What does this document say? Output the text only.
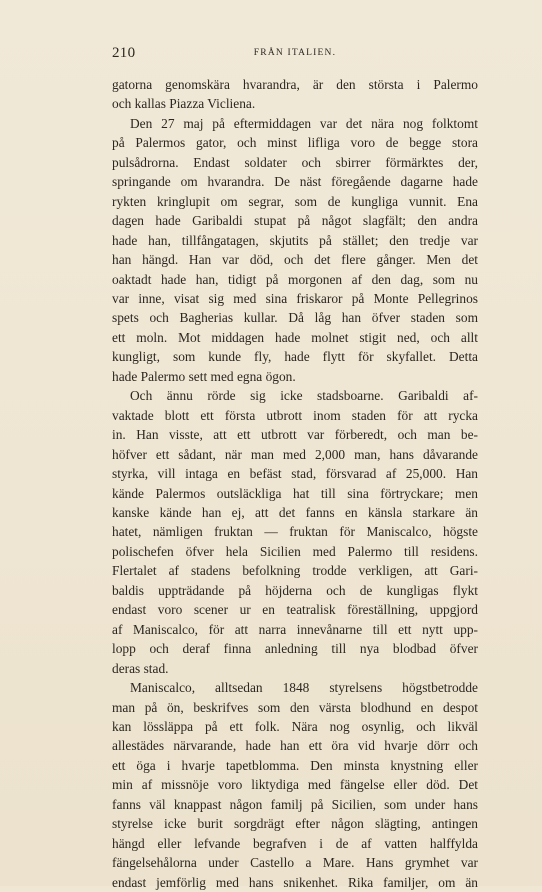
210	FRÅN ITALIEN.
gatorna genomskära hvarandra, är den största i Palermo
och kallas Piazza Vicliena.
Den 27 maj på eftermiddagen var det nära nog folktomt
på Palermos gator, och minst lifliga voro de begge stora
pulsådrorna. Endast soldater och sbirrer förmärktes der,
springande om hvarandra. De näst föregående dagarne hade
rykten kringlupit om segrar, som de kungliga vunnit. Ena
dagen hade Garibaldi stupat på något slagfält; den andra
hade han, tillfångatagen, skjutits på stället; den tredje var
han hängd. Han var död, och det flere gånger. Men det
oaktadt hade han, tidigt på morgonen af den dag, som nu
var inne, visat sig med sina friskaror på Monte Pellegrinos
spets och Bagherias kullar. Då låg han öfver staden som
ett moln. Mot middagen hade molnet stigit ned, och allt
kungligt, som kunde fly, hade flytt för skyfallet. Detta
hade Palermo sett med egna ögon.
Och ännu rörde sig icke stadsboarne. Garibaldi af-
vaktade blott ett första utbrott inom staden för att rycka
in. Han visste, att ett utbrott var förberedt, och man be-
höfver ett sådant, när man med 2,000 man, hans dåvarande
styrka, vill intaga en befäst stad, försvarad af 25,000. Han
kände Palermos outsläckliga hat till sina förtryckare; men
kanske kände han ej, att det fanns en känsla starkare än
hatet, nämligen fruktan — fruktan för Maniscalco, högste
polischefen öfver hela Sicilien med Palermo till residens.
Flertalet af stadens befolkning trodde verkligen, att Gari-
baldis uppträdande på höjderna och de kungligas flykt
endast voro scener ur en teatralisk föreställning, uppgjord
af Maniscalco, för att narra innevånarne till ett nytt upp-
lopp och deraf finna anledning till nya blodbad öfver
deras stad.
Maniscalco, alltsedan 1848 styrelsens högstbetrodde
man på ön, beskrifves som den värsta blodhund en despot
kan lössläppa på ett folk. Nära nog osynlig, och likväl
allestädes närvarande, hade han ett öra vid hvarje dörr och
ett öga i hvarje tapetblomma. Den minsta knystning eller
min af missnöje voro liktydiga med fängelse eller död. Det
fanns väl knappast någon familj på Sicilien, som under hans
styrelse icke burit sorgdrägt efter någon slägting, antingen
hängd eller lefvande begrafven i de af vatten halffylda
fängelsehålorna under Castello a Mare. Hans grymhet var
endast jemförlig med hans snikenhet. Rika familjer, om än
